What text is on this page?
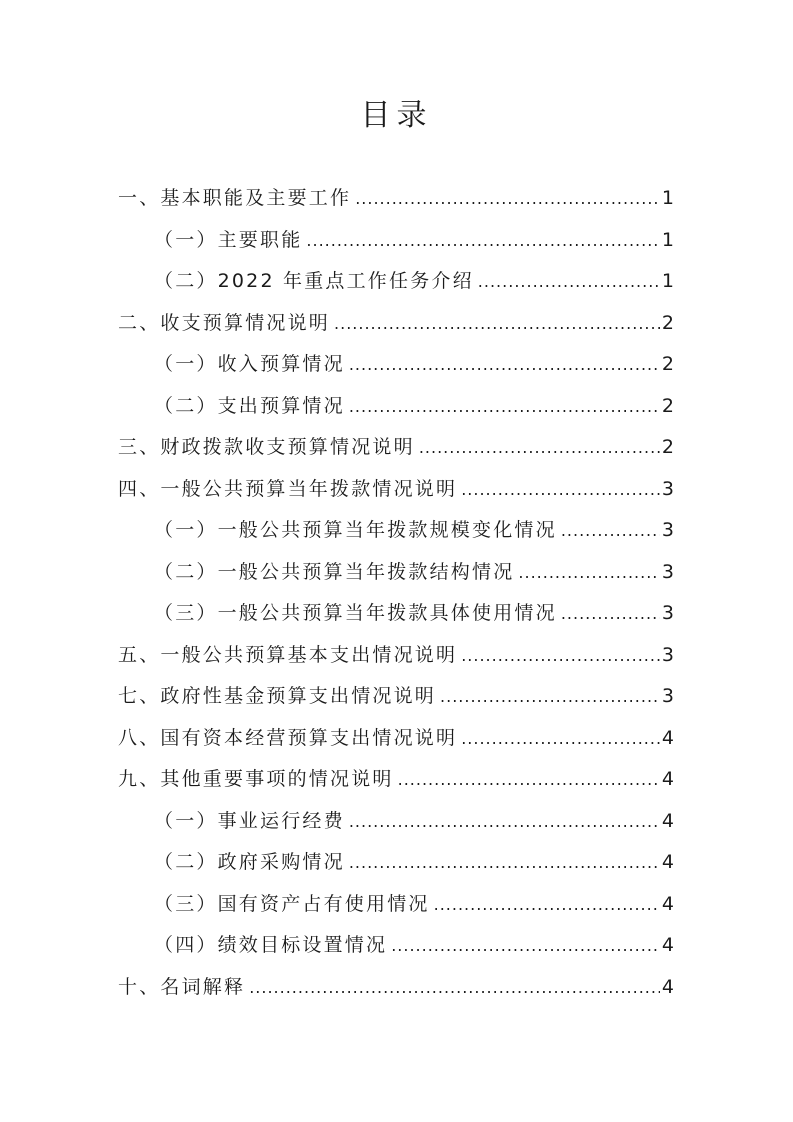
目录
一、基本职能及主要工作 .....	1
（一）主要职能 .....	1
（二）2022 年重点工作任务介绍 .....	1
二、收支预算情况说明 .....	2
（一）收入预算情况 .....	2
（二）支出预算情况 .....	2
三、财政拨款收支预算情况说明 .....	2
四、一般公共预算当年拨款情况说明 .....	3
（一）一般公共预算当年拨款规模变化情况 .....	3
（二）一般公共预算当年拨款结构情况 .....	3
（三）一般公共预算当年拨款具体使用情况 .....	3
五、一般公共预算基本支出情况说明 .....	3
七、政府性基金预算支出情况说明 .....	3
八、国有资本经营预算支出情况说明 .....	4
九、其他重要事项的情况说明 .....	4
（一）事业运行经费 .....	4
（二）政府采购情况 .....	4
（三）国有资产占有使用情况 .....	4
（四）绩效目标设置情况 .....	4
十、名词解释 .....	4
